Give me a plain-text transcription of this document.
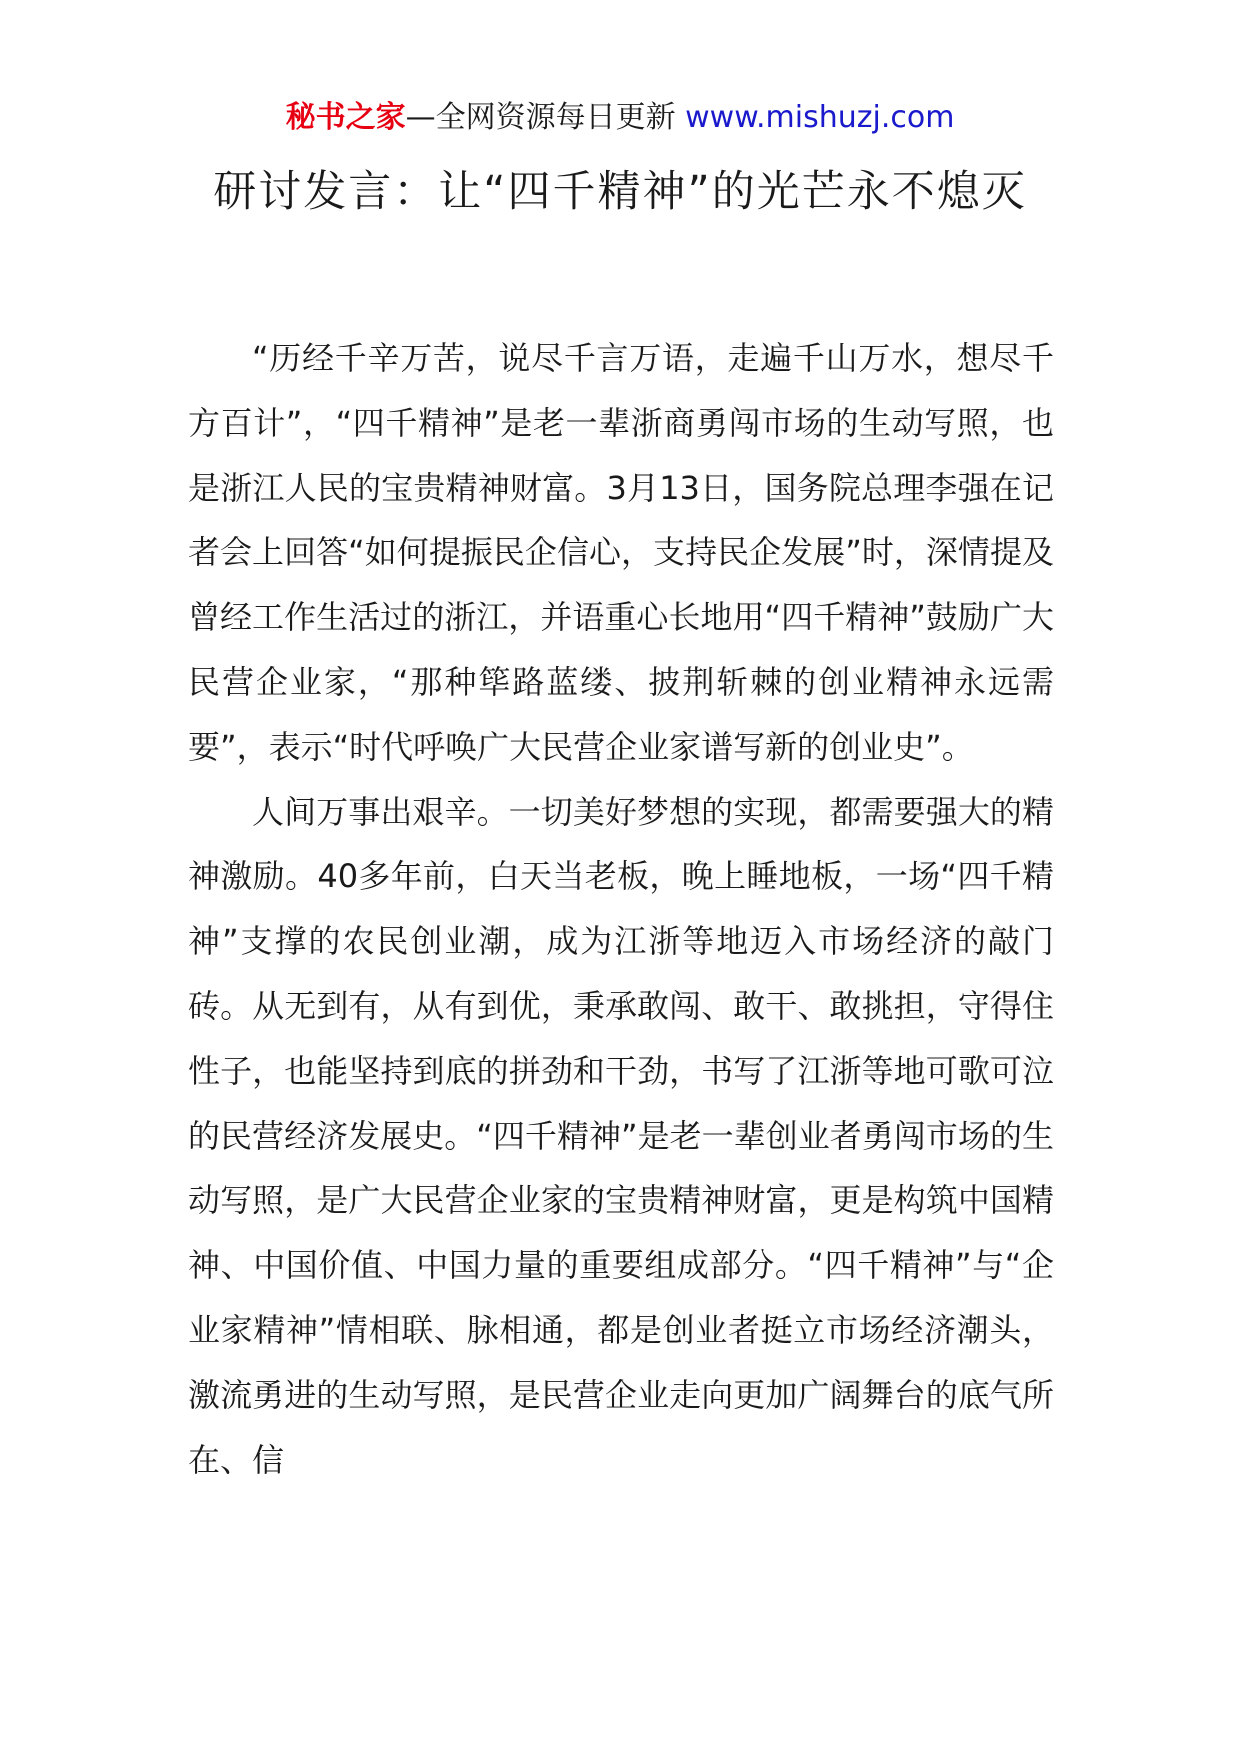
秘书之家—全网资源每日更新 www.mishuzj.com
研讨发言：让“四千精神”的光芒永不熄灭

“历经千辛万苦，说尽千言万语，走遍千山万水，想尽千方百计”，“四千精神”是老一辈浙商勇闯市场的生动写照，也是浙江人民的宝贵精神财富。3月13日，国务院总理李强在记者会上回答“如何提振民企信心，支持民企发展”时，深情提及曾经工作生活过的浙江，并语重心长地用“四千精神”鼓励广大民营企业家，“那种筚路蓝缕、披荆斩棘的创业精神永远需要”，表示“时代呼唤广大民营企业家谱写新的创业史”。

人间万事出艰辛。一切美好梦想的实现，都需要强大的精神激励。40多年前，白天当老板，晚上睡地板，一场“四千精神”支撑的农民创业潮，成为江浙等地迈入市场经济的敲门砖。从无到有，从有到优，秉承敢闯、敢干、敢挑担，守得住性子，也能坚持到底的拼劲和干劲，书写了江浙等地可歌可泣的民营经济发展史。“四千精神”是老一辈创业者勇闯市场的生动写照，是广大民营企业家的宝贵精神财富，更是构筑中国精神、中国价值、中国力量的重要组成部分。“四千精神”与“企业家精神”情相联、脉相通，都是创业者挺立市场经济潮头，激流勇进的生动写照，是民营企业走向更加广阔舞台的底气所在、信
